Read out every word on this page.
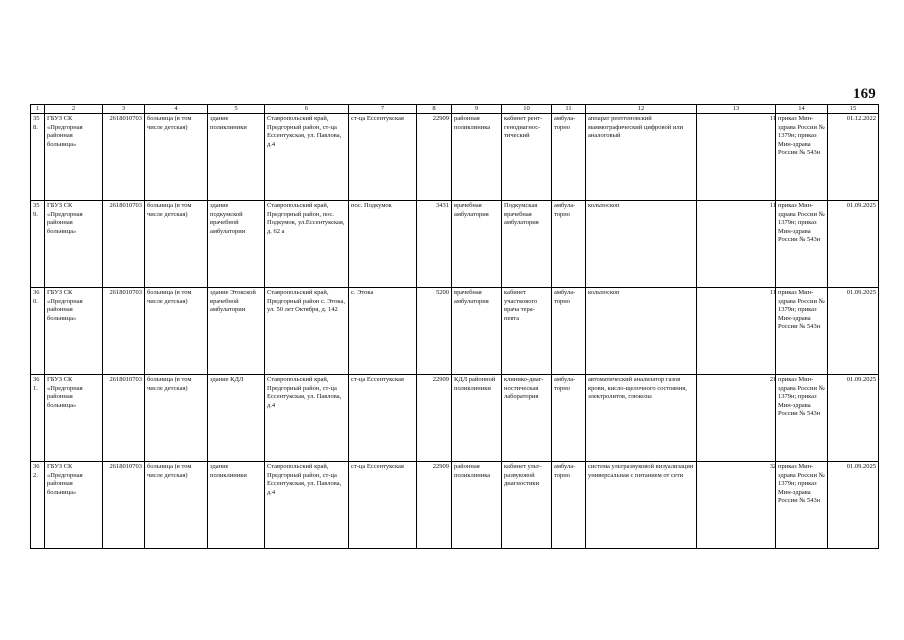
169
1	2	3	4	5	6	7	8	9	10	11	12	13	14	15
358.	ГБУЗ СК «Предгорная районная больница»	2618010703	больница (в том числе детская)	здание поликлиники	Ставропольский край, Предгорный район, ст-ца Ессентукская, ул. Павлова, д.4	ст-ца Ессентукская	22909	районная поликлиника	кабинет рент-генодиагнос-тический	амбула-торно	аппарат рентгеновский маммографический цифровой или аналоговый	1	1 приказ Мин-здрава России № 1379н; приказ Мин-здрава России № 543н	01.12.2022
359.	ГБУЗ СК «Предгорная районная больница»	2618010703	больница (в том числе детская)	здание подкумской врачебной амбулатории	Ставропольский край, Предгорный район, пос. Подкумок, ул.Ессентукская, д. 62 а	пос. Подкумок	3431	врачебная амбулатория	Подкумская врачебная амбулатория	амбула-торно	кольпоскоп	1	1 приказ Мин-здрава России № 1379н; приказ Мин-здрава России № 543н	01.09.2025
360.	ГБУЗ СК «Предгорная районная больница»	2618010703	больница (в том числе детская)	здание Этокской врачебной амбулатории	Ставропольский край, Предгорный район с. Этока, ул. 50 лет Октября, д. 142	с. Этока	5200	врачебная амбулатория	кабинет участкового врача тера-певта	амбула-торно	кольпоскоп	1	1 приказ Мин-здрава России № 1379н; приказ Мин-здрава России № 543н	01.09.2025
361.	ГБУЗ СК «Предгорная районная больница»	2618010703	больница (в том числе детская)	здание КДЛ	Ставропольский край, Предгорный район, ст-ца Ессентукская, ул. Павлова, д.4	ст-ца Ессентукская	22909	КДЛ районной поликлиники	клинико-диаг-ностическая лаборатория	амбула-торно	автоматический анализатор газов крови, кисло-щелочного состояния, электролитов, глюкозы	2	1 приказ Мин-здрава России № 1379н; приказ Мин-здрава России № 543н	01.09.2025
362.	ГБУЗ СК «Предгорная районная больница»	2618010703	больница (в том числе детская)	здание поликлиники	Ставропольский край, Предгорный район, ст-ца Ессентукская, ул. Павлова, д.4	ст-ца Ессентукская	22909	районная поликлиника	кабинет ульт-развуковой диагностики	амбула-торно	система ультразвуковой визуализации универсальная с питанием от сети	3	2 приказ Мин-здрава России № 1379н; приказ Мин-здрава России № 543н	01.09.2025
